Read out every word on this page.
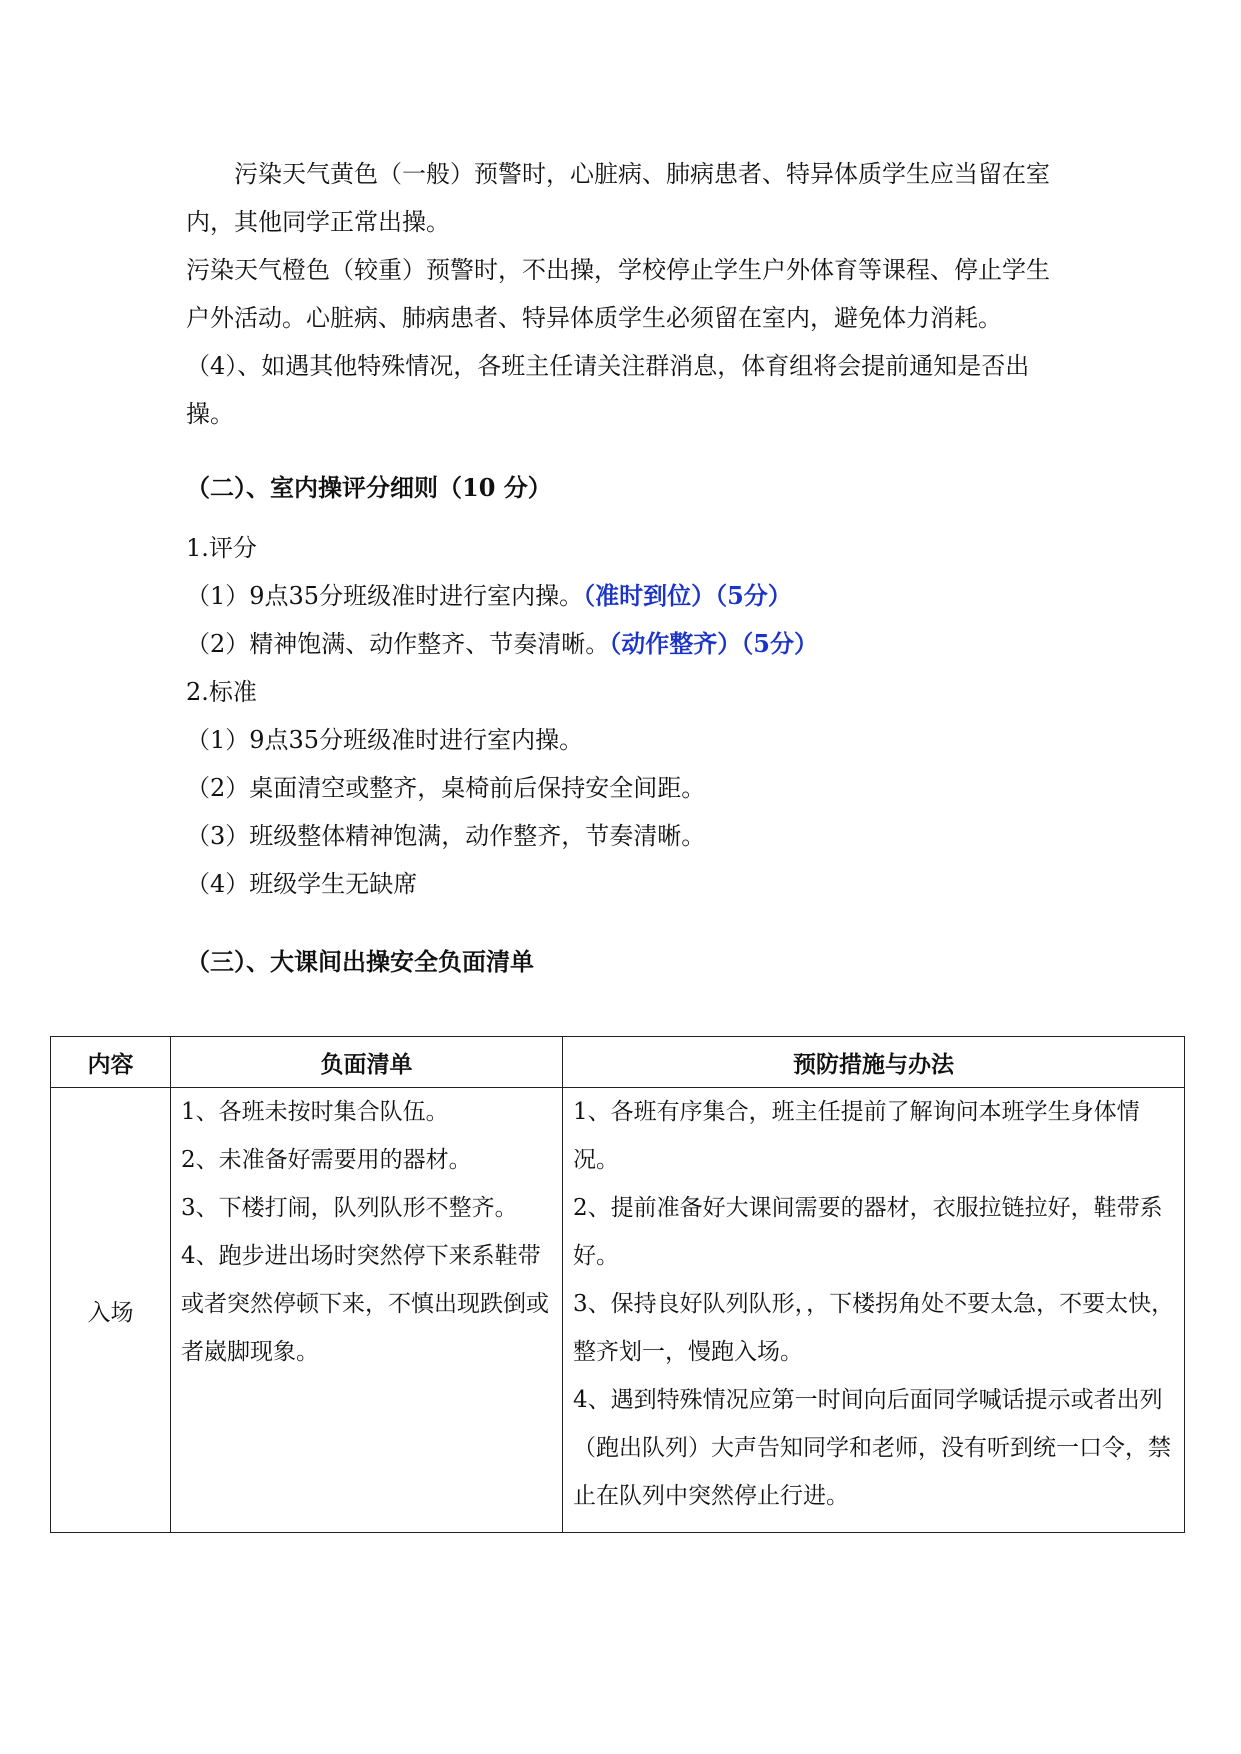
污染天气黄色（一般）预警时，心脏病、肺病患者、特异体质学生应当留在室内，其他同学正常出操。

污染天气橙色（较重）预警时，不出操，学校停止学生户外体育等课程、停止学生户外活动。心脏病、肺病患者、特异体质学生必须留在室内，避免体力消耗。

（4）、如遇其他特殊情况，各班主任请关注群消息，体育组将会提前通知是否出操。

（二）、室内操评分细则（10 分）
1.评分
（1）9点35分班级准时进行室内操。（准时到位）（5分）
（2）精神饱满、动作整齐、节奏清晰。（动作整齐）（5分）
2.标准
（1）9点35分班级准时进行室内操。
（2）桌面清空或整齐，桌椅前后保持安全间距。
（3）班级整体精神饱满，动作整齐，节奏清晰。
（4）班级学生无缺席
（三）、大课间出操安全负面清单
内容	负面清单	预防措施与办法
入场	1、各班未按时集合队伍。
2、未准备好需要用的器材。
3、下楼打闹，队列队形不整齐。
4、跑步进出场时突然停下来系鞋带或者突然停顿下来，不慎出现跌倒或者崴脚现象。	1、各班有序集合，班主任提前了解询问本班学生身体情况。
2、提前准备好大课间需要的器材，衣服拉链拉好，鞋带系好。
3、保持良好队列队形，，下楼拐角处不要太急，不要太快，整齐划一，慢跑入场。
4、遇到特殊情况应第一时间向后面同学喊话提示或者出列（跑出队列）大声告知同学和老师，没有听到统一口令，禁止在队列中突然停止行进。
